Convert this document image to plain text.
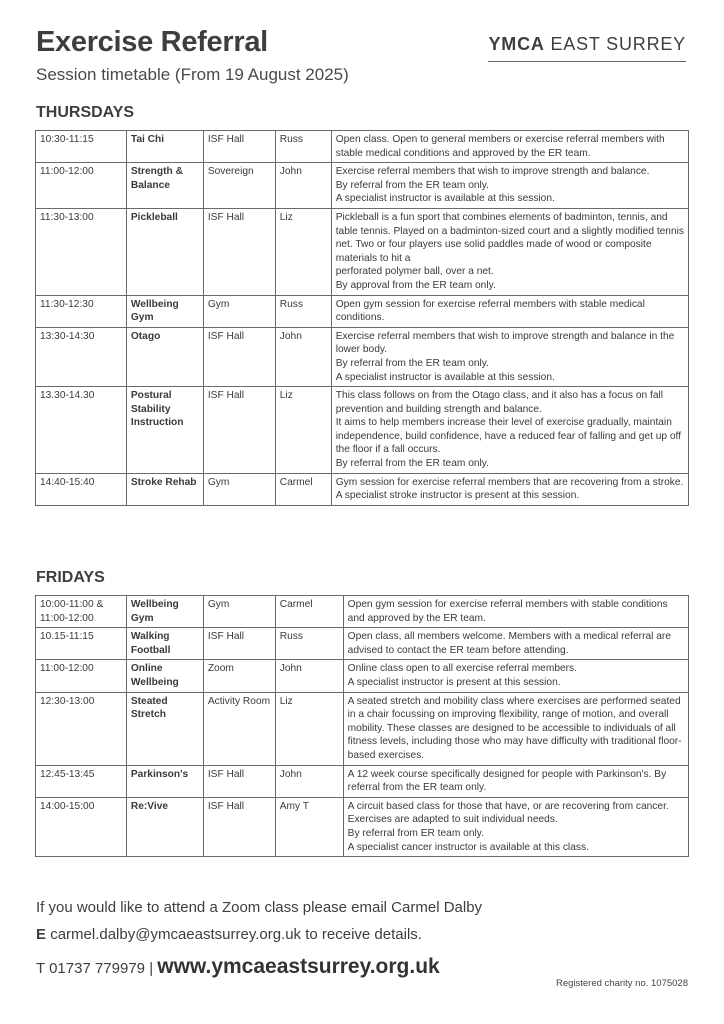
Exercise Referral
Session timetable (From 19 August 2025)
YMCA EAST SURREY
THURSDAYS
10:30-11:15	Tai Chi	ISF Hall	Russ	Open class. Open to general members or exercise referral members with stable medical conditions and approved by the ER team.
11:00-12:00	Strength & Balance	Sovereign	John	Exercise referral members that wish to improve strength and balance.
By referral from the ER team only.
A specialist instructor is available at this session.
11:30-13:00	Pickleball	ISF Hall	Liz	Pickleball is a fun sport that combines elements of badminton, tennis, and table tennis. Played on a badminton-sized court and a slightly modified tennis net. Two or four players use solid paddles made of wood or composite materials to hit a
perforated polymer ball, over a net.
By approval from the ER team only.
11:30-12:30	Wellbeing Gym	Gym	Russ	Open gym session for exercise referral members with stable medical conditions.
13:30-14:30	Otago	ISF Hall	John	Exercise referral members that wish to improve strength and balance in the lower body.
By referral from the ER team only.
A specialist instructor is available at this session.
13.30-14.30	Postural Stability Instruction	ISF Hall	Liz	This class follows on from the Otago class, and it also has a focus on fall prevention and building strength and balance.
It aims to help members increase their level of exercise gradually, maintain independence, build confidence, have a reduced fear of falling and get up off the floor if a fall occurs.
By referral from the ER team only.
14:40-15:40	Stroke Rehab	Gym	Carmel	Gym session for exercise referral members that are recovering from a stroke. A specialist stroke instructor is present at this session.
FRIDAYS
10:00-11:00 & 11:00-12:00	Wellbeing Gym	Gym	Carmel	Open gym session for exercise referral members with stable conditions and approved by the ER team.
10.15-11:15	Walking Football	ISF Hall	Russ	Open class, all members welcome. Members with a medical referral are advised to contact the ER team before attending.
11:00-12:00	Online Wellbeing	Zoom	John	Online class open to all exercise referral members.
A specialist instructor is present at this session.
12:30-13:00	Steated Stretch	Activity Room	Liz	A seated stretch and mobility class where exercises are performed seated in a chair focussing on improving flexibility, range of motion, and overall mobility. These classes are designed to be accessible to individuals of all fitness levels, including those who may have difficulty with traditional floor-based exercises.
12:45-13:45	Parkinson's	ISF Hall	John	A 12 week course specifically designed for people with Parkinson's. By referral from the ER team only.
14:00-15:00	Re:Vive	ISF Hall	Amy T	A circuit based class for those that have, or are recovering from cancer. Exercises are adapted to suit individual needs.
By referral from ER team only.
A specialist cancer instructor is available at this class.
If you would like to attend a Zoom class please email Carmel Dalby
E carmel.dalby@ymcaeastsurrey.org.uk to receive details.
T 01737 779979 | www.ymcaeastsurrey.org.uk
Registered charity no. 1075028
